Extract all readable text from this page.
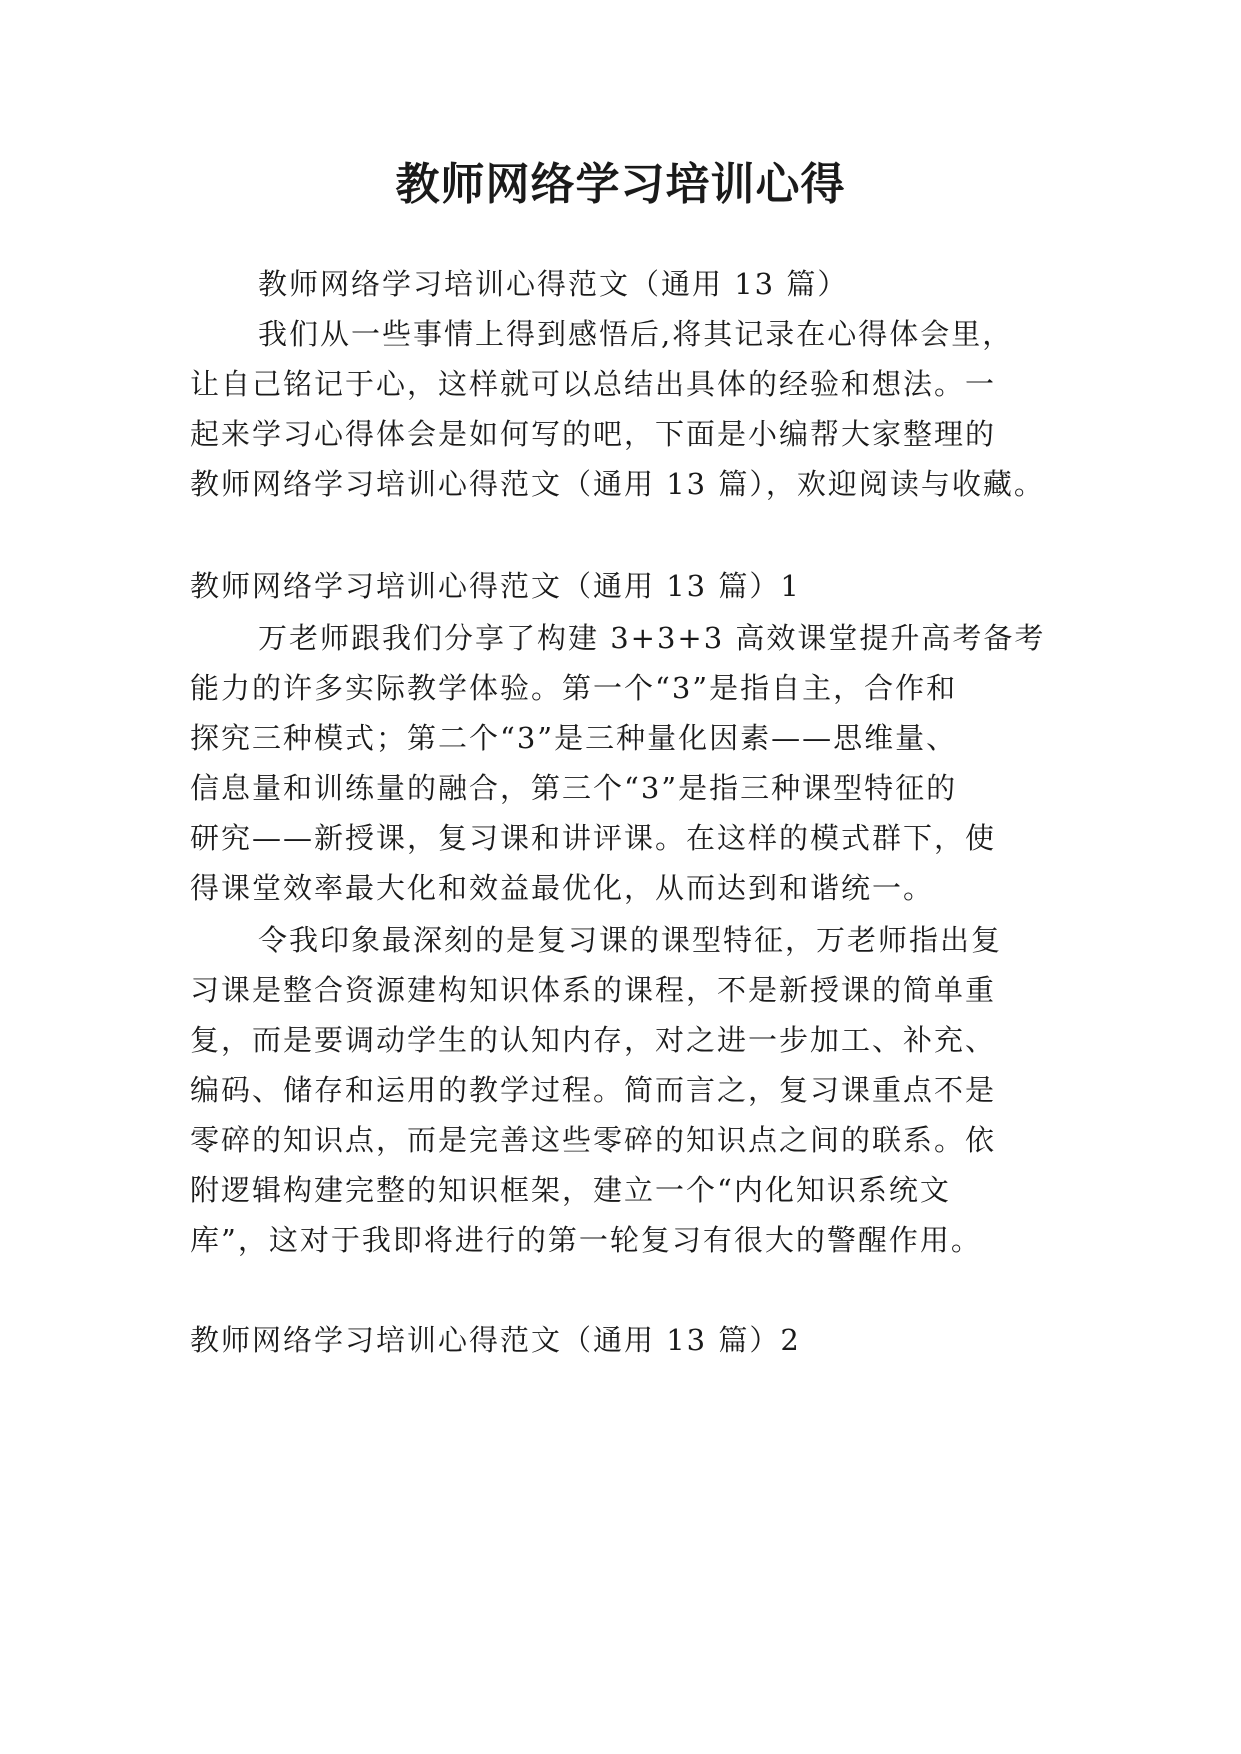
教师网络学习培训心得

教师网络学习培训心得范文（通用 13 篇）

我们从一些事情上得到感悟后,将其记录在心得体会里，

让自己铭记于心，这样就可以总结出具体的经验和想法。一

起来学习心得体会是如何写的吧，下面是小编帮大家整理的

教师网络学习培训心得范文（通用 13 篇），欢迎阅读与收藏。

教师网络学习培训心得范文（通用 13 篇）1

万老师跟我们分享了构建 3+3+3 高效课堂提升高考备考

能力的许多实际教学体验。第一个“3”是指自主，合作和

探究三种模式；第二个“3”是三种量化因素——思维量、

信息量和训练量的融合，第三个“3”是指三种课型特征的

研究——新授课，复习课和讲评课。在这样的模式群下，使

得课堂效率最大化和效益最优化，从而达到和谐统一。

令我印象最深刻的是复习课的课型特征，万老师指出复

习课是整合资源建构知识体系的课程，不是新授课的简单重

复，而是要调动学生的认知内存，对之进一步加工、补充、

编码、储存和运用的教学过程。简而言之，复习课重点不是

零碎的知识点，而是完善这些零碎的知识点之间的联系。依

附逻辑构建完整的知识框架，建立一个“内化知识系统文

库”，这对于我即将进行的第一轮复习有很大的警醒作用。

教师网络学习培训心得范文（通用 13 篇）2
